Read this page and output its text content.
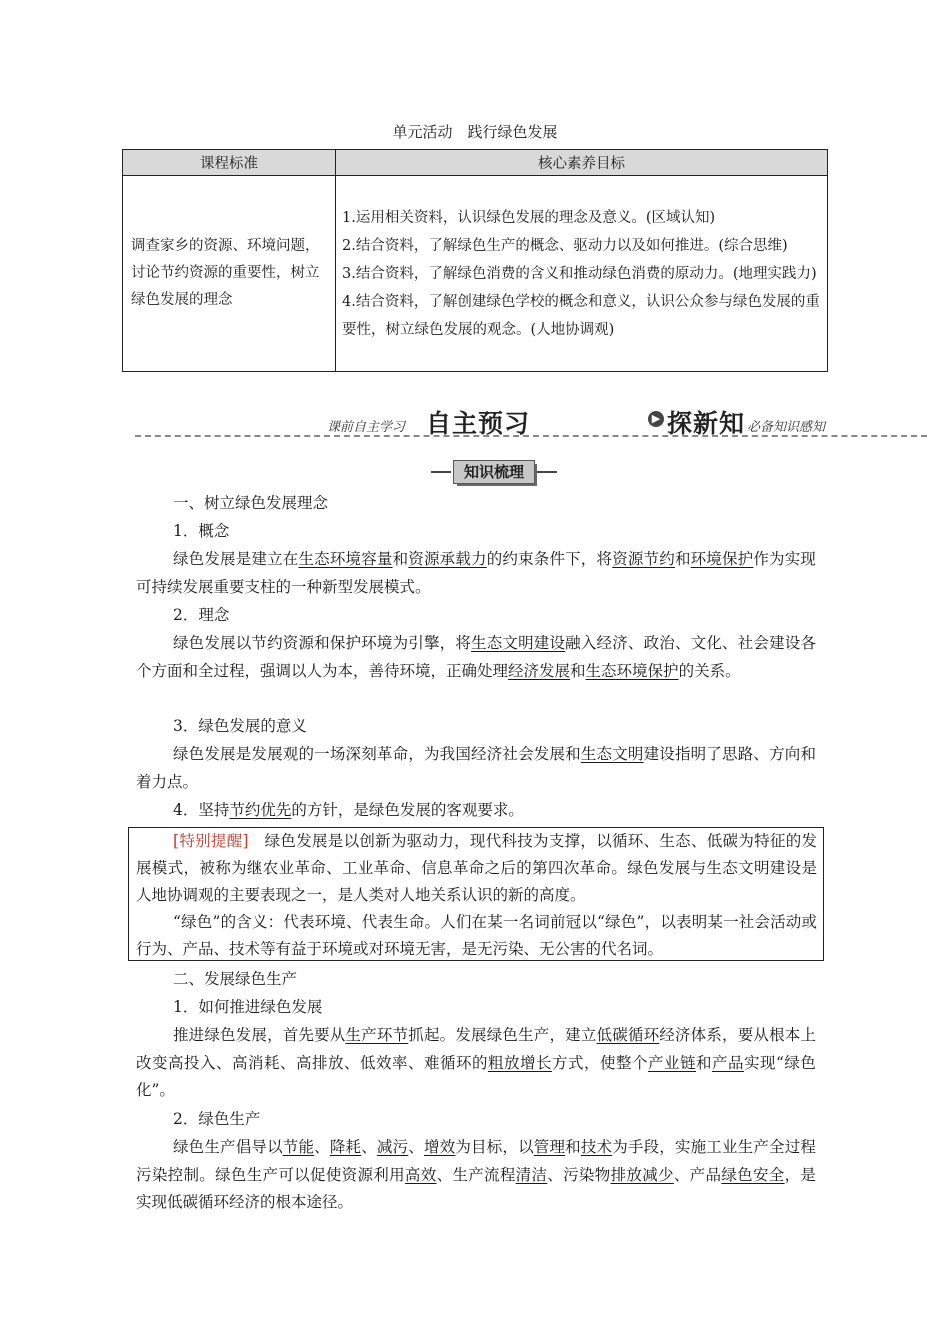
单元活动　践行绿色发展
课程标准	核心素养目标
调查家乡的资源、环境问题，讨论节约资源的重要性，树立绿色发展的理念	1.运用相关资料，认识绿色发展的理念及意义。(区域认知)
2.结合资料，了解绿色生产的概念、驱动力以及如何推进。(综合思维)
3.结合资料，了解绿色消费的含义和推动绿色消费的原动力。(地理实践力)
4.结合资料，了解创建绿色学校的概念和意义，认识公众参与绿色发展的重要性，树立绿色发展的观念。(人地协调观)
课前自主学习 自主预习	▶ 探新知 必备知识感知
知识梳理
一、树立绿色发展理念
1．概念
绿色发展是建立在生态环境容量和资源承载力的约束条件下，将资源节约和环境保护作为实现可持续发展重要支柱的一种新型发展模式。
2．理念
绿色发展以节约资源和保护环境为引擎，将生态文明建设融入经济、政治、文化、社会建设各个方面和全过程，强调以人为本，善待环境，正确处理经济发展和生态环境保护的关系。
3．绿色发展的意义
绿色发展是发展观的一场深刻革命，为我国经济社会发展和生态文明建设指明了思路、方向和着力点。
4．坚持节约优先的方针，是绿色发展的客观要求。
[特别提醒]　 绿色发展是以创新为驱动力，现代科技为支撑，以循环、生态、低碳为特征的发展模式，被称为继农业革命、工业革命、信息革命之后的第四次革命。绿色发展与生态文明建设是人地协调观的主要表现之一，是人类对人地关系认识的新的高度。
“绿色”的含义：代表环境、代表生命。人们在某一名词前冠以“绿色”，以表明某一社会活动或行为、产品、技术等有益于环境或对环境无害，是无污染、无公害的代名词。
二、发展绿色生产
1．如何推进绿色发展
推进绿色发展，首先要从生产环节抓起。发展绿色生产，建立低碳循环经济体系，要从根本上改变高投入、高消耗、高排放、低效率、难循环的粗放增长方式，使整个产业链和产品实现“绿色化”。
2．绿色生产
绿色生产倡导以节能、降耗、减污、增效为目标，以管理和技术为手段，实施工业生产全过程污染控制。绿色生产可以促使资源利用高效、生产流程清洁、污染物排放减少、产品绿色安全，是实现低碳循环经济的根本途径。
